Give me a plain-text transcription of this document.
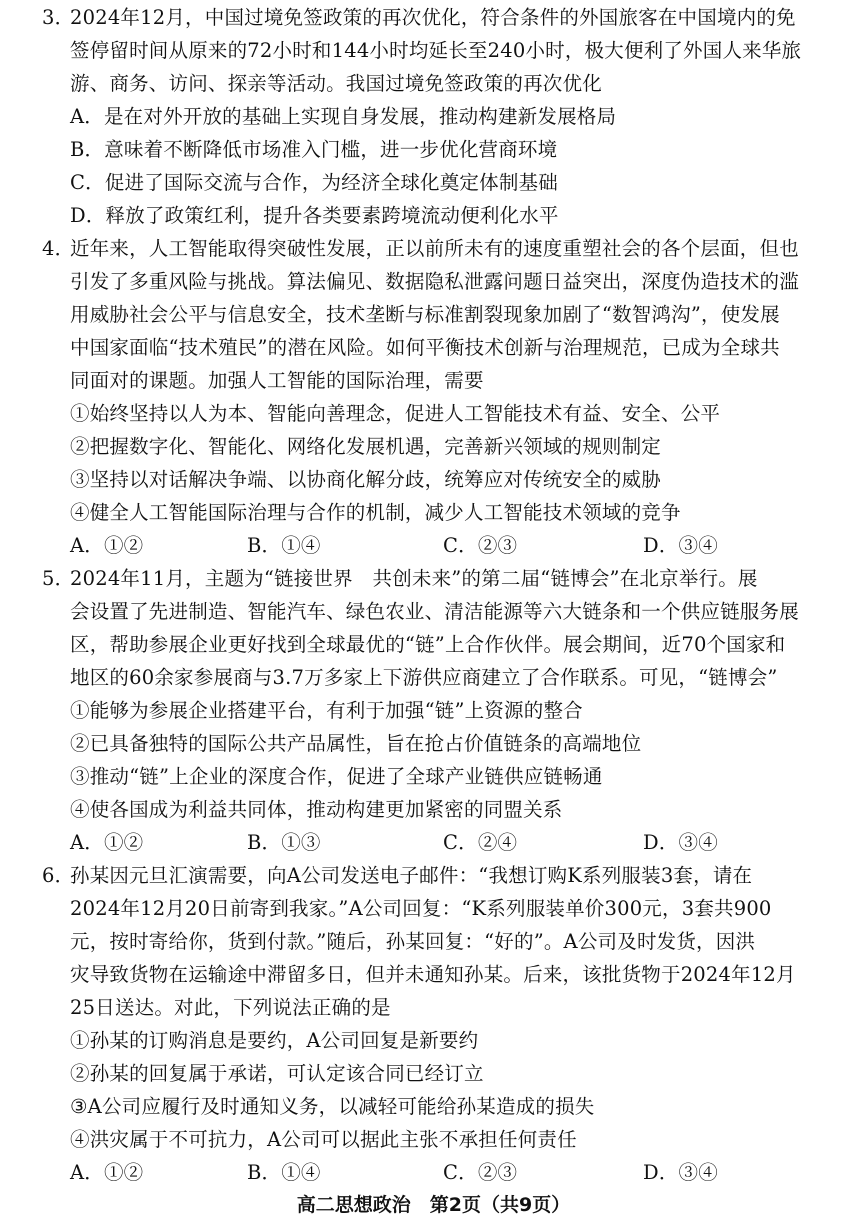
3．
2024年12月，中国过境免签政策的再次优化，符合条件的外国旅客在中国境内的免
签停留时间从原来的72小时和144小时均延长至240小时，极大便利了外国人来华旅
游、商务、访问、探亲等活动。我国过境免签政策的再次优化
A．是在对外开放的基础上实现自身发展，推动构建新发展格局
B．意味着不断降低市场准入门槛，进一步优化营商环境
C．促进了国际交流与合作，为经济全球化奠定体制基础
D．释放了政策红利，提升各类要素跨境流动便利化水平
4．
近年来，人工智能取得突破性发展，正以前所未有的速度重塑社会的各个层面，但也
引发了多重风险与挑战。算法偏见、数据隐私泄露问题日益突出，深度伪造技术的滥
用威胁社会公平与信息安全，技术垄断与标准割裂现象加剧了“数智鸿沟”，使发展
中国家面临“技术殖民”的潜在风险。如何平衡技术创新与治理规范，已成为全球共
同面对的课题。加强人工智能的国际治理，需要
①始终坚持以人为本、智能向善理念，促进人工智能技术有益、安全、公平
②把握数字化、智能化、网络化发展机遇，完善新兴领域的规则制定
③坚持以对话解决争端、以协商化解分歧，统筹应对传统安全的威胁
④健全人工智能国际治理与合作的机制，减少人工智能技术领域的竞争
A．①②	B．①④	C．②③	D．③④
5．
2024年11月，主题为“链接世界　共创未来”的第二届“链博会”在北京举行。展
会设置了先进制造、智能汽车、绿色农业、清洁能源等六大链条和一个供应链服务展
区，帮助参展企业更好找到全球最优的“链”上合作伙伴。展会期间，近70个国家和
地区的60余家参展商与3.7万多家上下游供应商建立了合作联系。可见，“链博会”
①能够为参展企业搭建平台，有利于加强“链”上资源的整合
②已具备独特的国际公共产品属性，旨在抢占价值链条的高端地位
③推动“链”上企业的深度合作，促进了全球产业链供应链畅通
④使各国成为利益共同体，推动构建更加紧密的同盟关系
A．①②	B．①③	C．②④	D．③④
6．
孙某因元旦汇演需要，向A公司发送电子邮件：“我想订购K系列服装3套，请在
2024年12月20日前寄到我家。”A公司回复：“K系列服装单价300元，3套共900
元，按时寄给你，货到付款。”随后，孙某回复：“好的”。A公司及时发货，因洪
灾导致货物在运输途中滞留多日，但并未通知孙某。后来，该批货物于2024年12月
25日送达。对此，下列说法正确的是
①孙某的订购消息是要约，A公司回复是新要约
②孙某的回复属于承诺，可认定该合同已经订立
③A公司应履行及时通知义务，以减轻可能给孙某造成的损失
④洪灾属于不可抗力，A公司可以据此主张不承担任何责任
A．①②	B．①④	C．②③	D．③④
高二思想政治　第2页（共9页）
